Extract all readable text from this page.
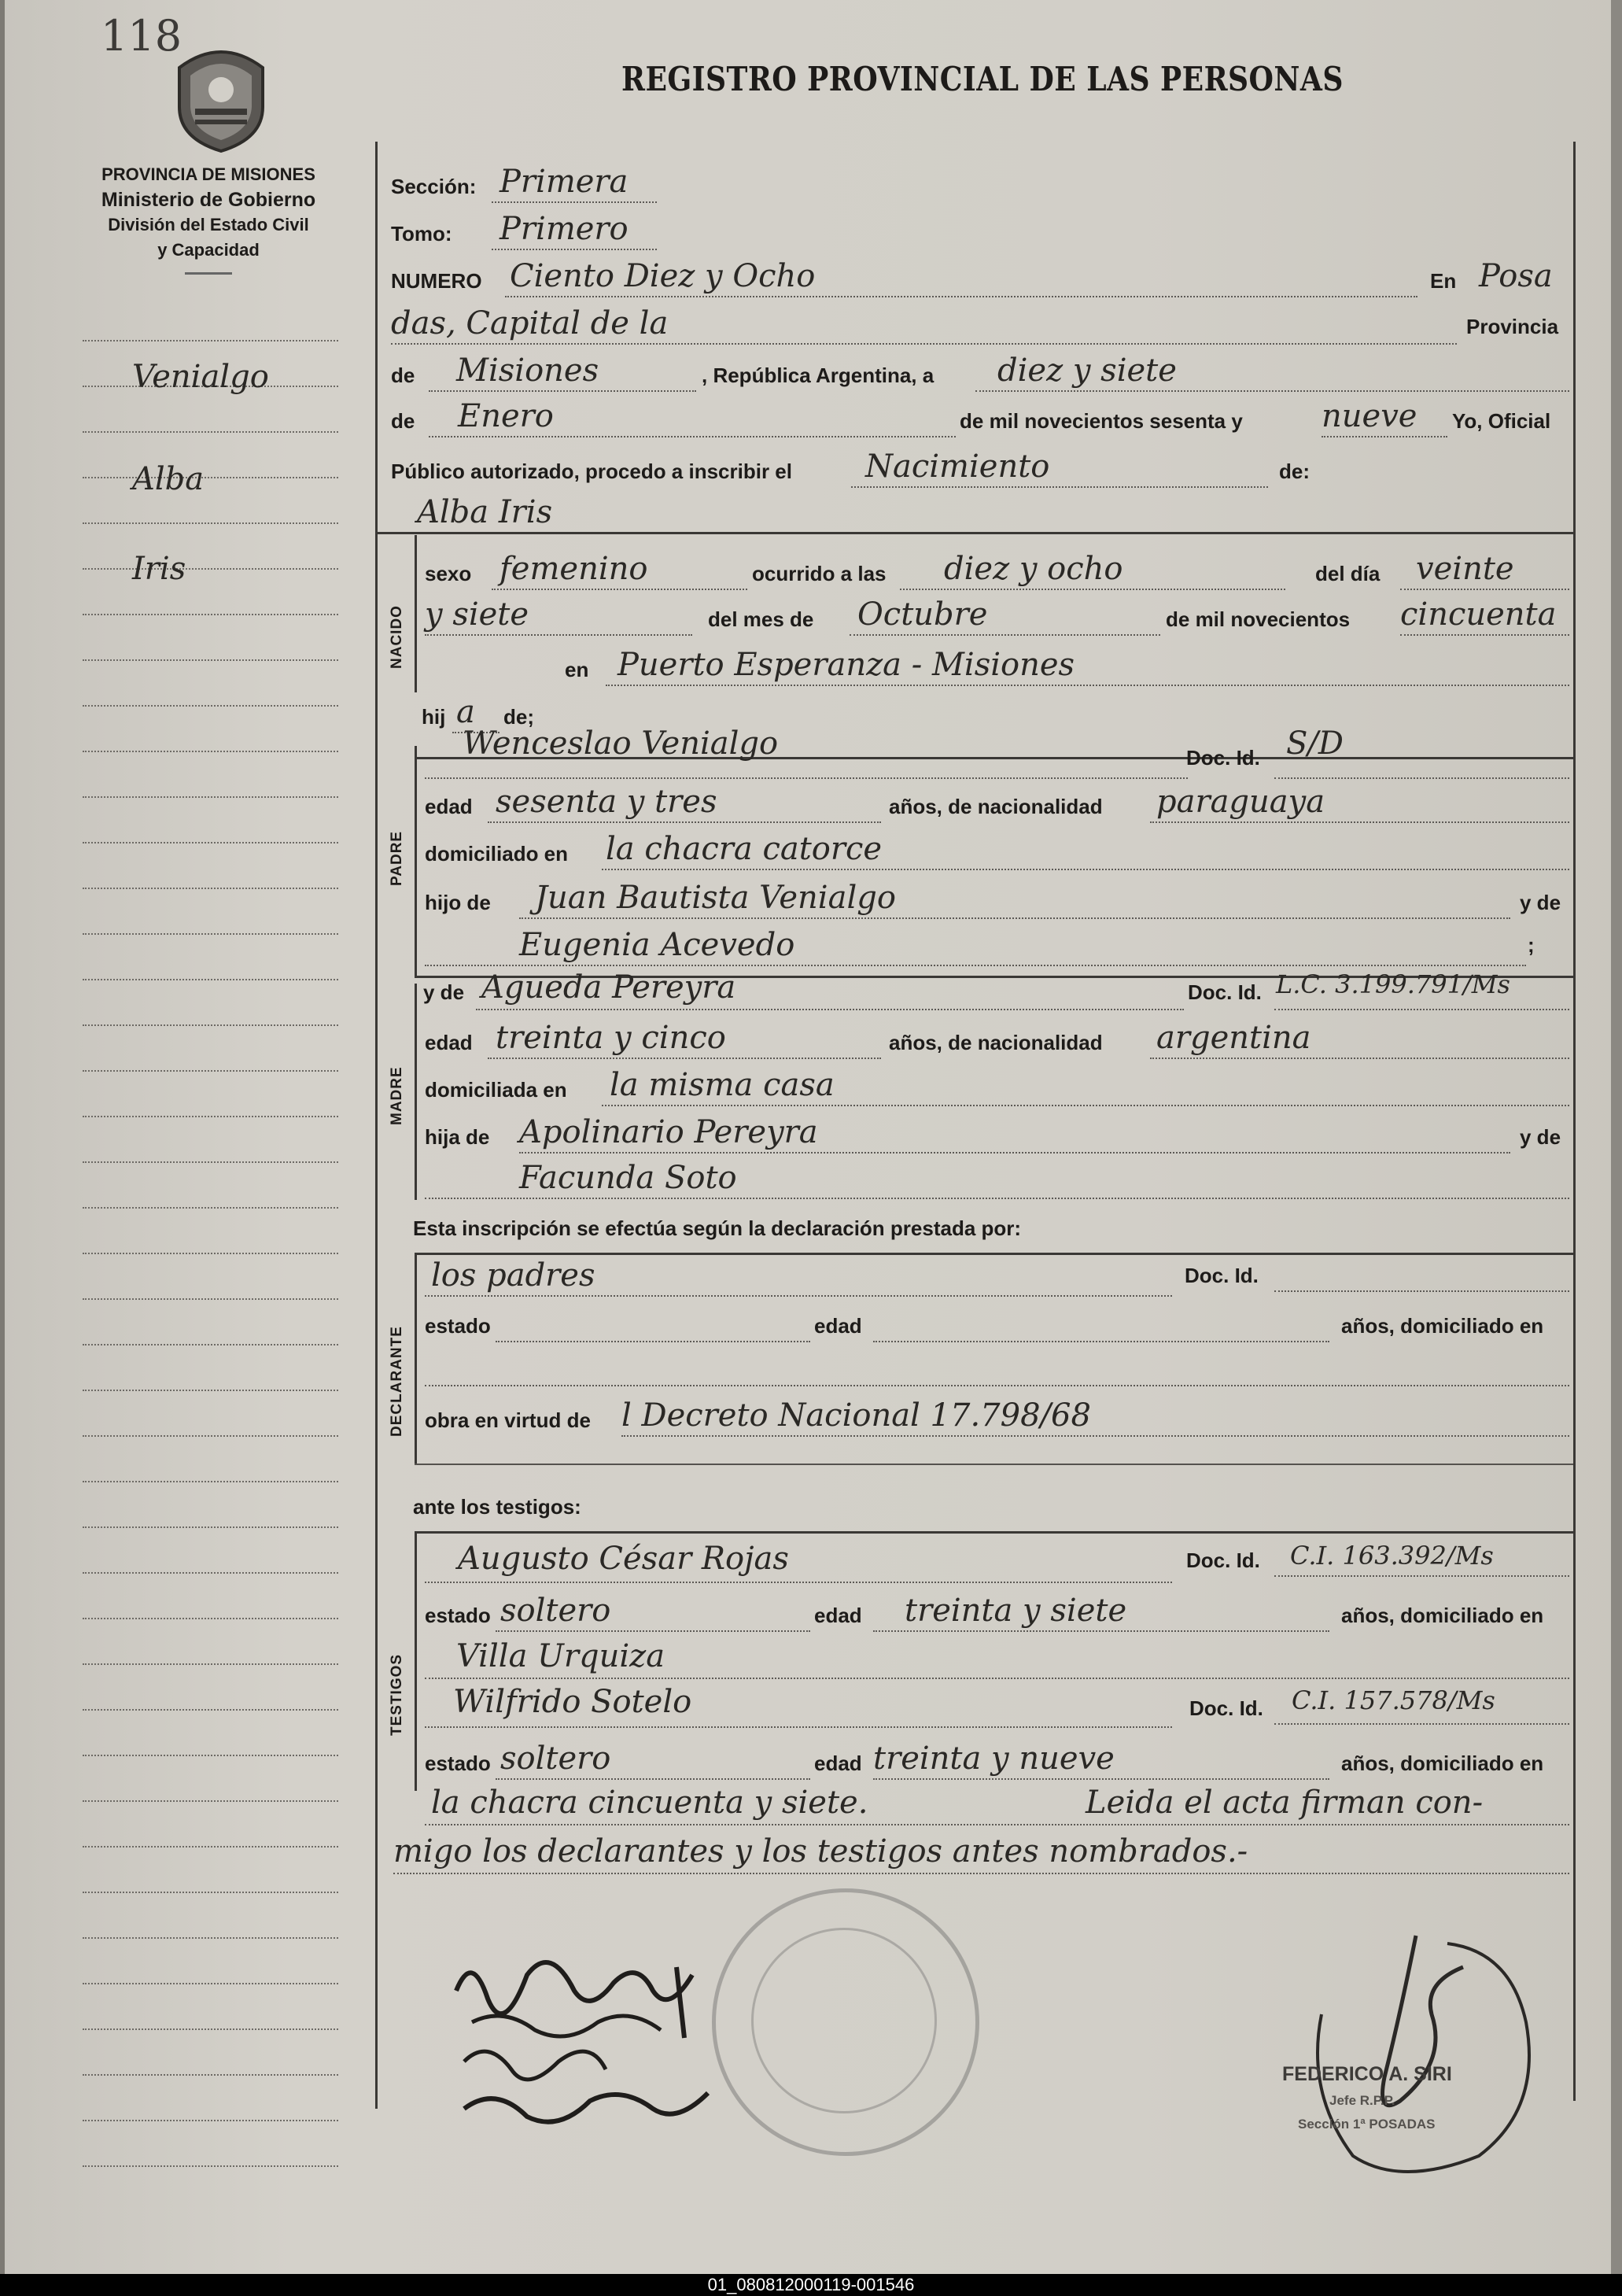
118
PROVINCIA DE MISIONES
Ministerio de Gobierno
División del Estado Civil
y Capacidad
REGISTRO PROVINCIAL DE LAS PERSONAS
Venialgo
Alba
Iris
Sección: Primera
Tomo: Primero
NUMERO Ciento Diez y Ocho	En Posa
das, Capital de la	Provincia
de Misiones	, República Argentina, a diez y siete
de Enero	de mil novecientos sesenta y	nueve Yo, Oficial
Público autorizado, procedo a inscribir el Nacimiento	de:
Alba Iris
NACIDO
sexo femenino	ocurrido a las diez y ocho	del día veinte
y siete	del mes de Octubre	de mil novecientos cincuenta
en Puerto Esperanza - Misiones
hij a de;
PADRE
Wenceslao Venialgo	Doc. Id. S/D
edad sesenta y tres	años, de nacionalidad paraguaya
domiciliado en la chacra catorce
hijo de Juan Bautista Venialgo	y de
Eugenia Acevedo	;
MADRE
y de Agueda Pereyra	Doc. Id. L.C. 3.199.791/Ms
edad treinta y cinco	años, de nacionalidad argentina
domiciliada en la misma casa
hija de Apolinario Pereyra	y de
Facunda Soto
Esta inscripción se efectúa según la declaración prestada por:
DECLARANTE
los padres	Doc. Id.
estado	edad	años, domiciliado en
obra en virtud de l Decreto Nacional 17.798/68
ante los testigos:
TESTIGOS
Augusto César Rojas	Doc. Id. C.I. 163.392/Ms
estado soltero	edad treinta y siete	años, domiciliado en
Villa Urquiza
Wilfrido Sotelo	Doc. Id. C.I. 157.578/Ms
estado soltero	edad treinta y nueve	años, domiciliado en
la chacra cincuenta y siete.	Leida el acta firman con-
migo los declarantes y los testigos antes nombrados.-
FEDERICO A. SIRI
Jefe R.P.P.
Sección 1ª POSADAS
01_080812000119-001546
